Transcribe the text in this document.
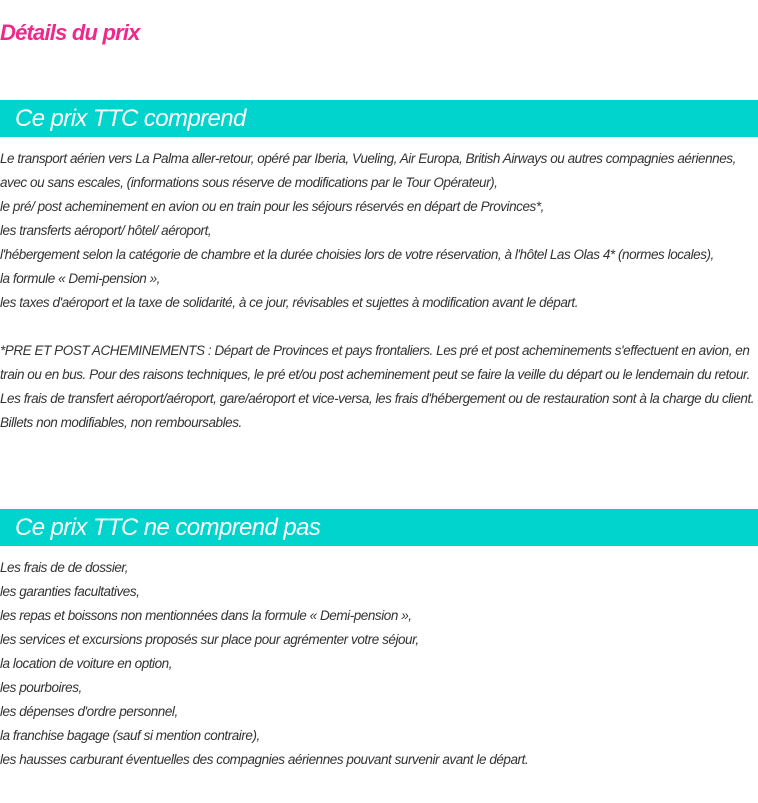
Détails du prix
Ce prix TTC comprend
Le transport aérien vers La Palma aller-retour, opéré par Iberia, Vueling, Air Europa, British Airways ou autres compagnies aériennes, avec ou sans escales, (informations sous réserve de modifications par le Tour Opérateur),
le pré/ post acheminement en avion ou en train pour les séjours réservés en départ de Provinces*,
les transferts aéroport/ hôtel/ aéroport,
l'hébergement selon la catégorie de chambre et la durée choisies lors de votre réservation, à l'hôtel Las Olas 4* (normes locales),
la formule « Demi-pension »,
les taxes d'aéroport et la taxe de solidarité, à ce jour, révisables et sujettes à modification avant le départ.
*PRE ET POST ACHEMINEMENTS : Départ de Provinces et pays frontaliers. Les pré et post acheminements s'effectuent en avion, en train ou en bus. Pour des raisons techniques, le pré et/ou post acheminement peut se faire la veille du départ ou le lendemain du retour. Les frais de transfert aéroport/aéroport, gare/aéroport et vice-versa, les frais d'hébergement ou de restauration sont à la charge du client. Billets non modifiables, non remboursables.
Ce prix TTC ne comprend pas
Les frais de de dossier,
les garanties facultatives,
les repas et boissons non mentionnées dans la formule « Demi-pension »,
les services et excursions proposés sur place pour agrémenter votre séjour,
la location de voiture en option,
les pourboires,
les dépenses d'ordre personnel,
la franchise bagage (sauf si mention contraire),
les hausses carburant éventuelles des compagnies aériennes pouvant survenir avant le départ.
